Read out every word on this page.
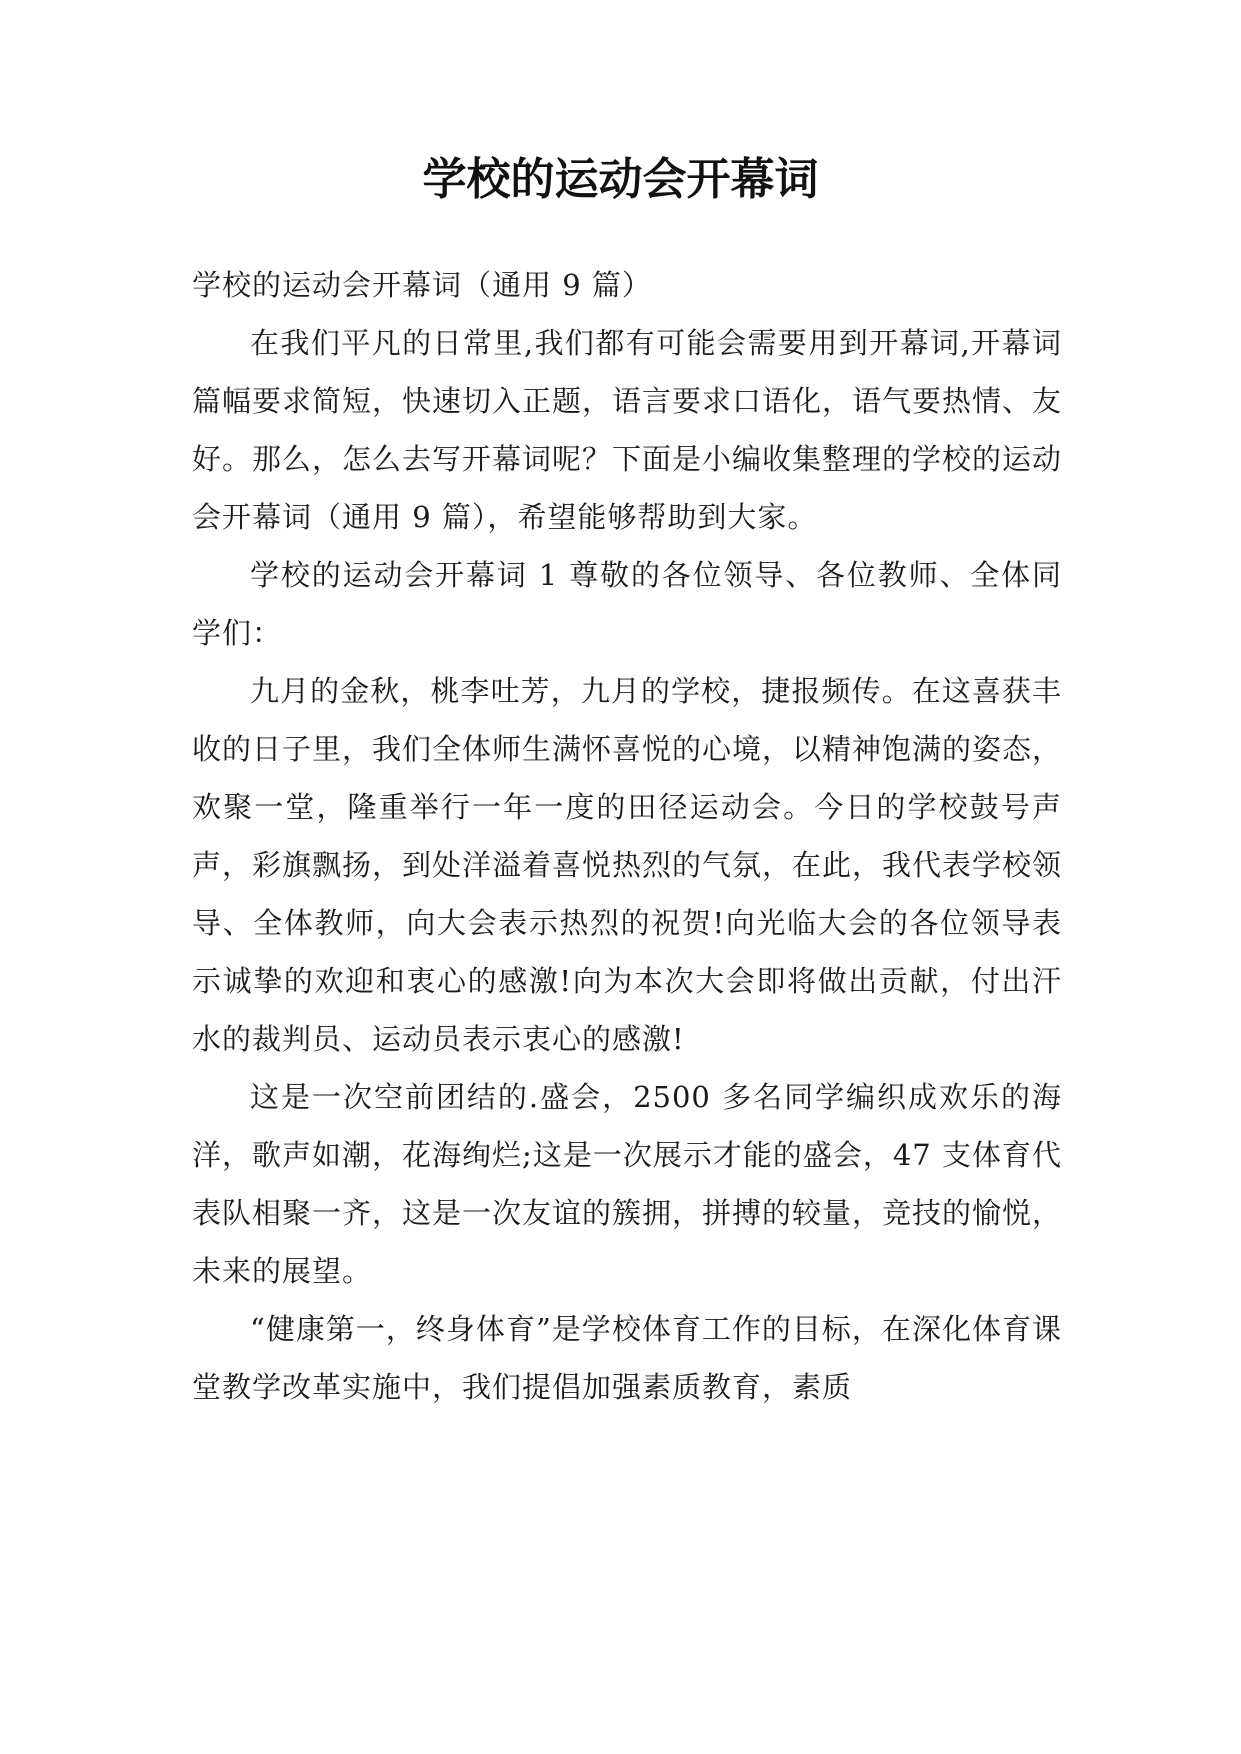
学校的运动会开幕词

学校的运动会开幕词（通用 9 篇）

在我们平凡的日常里,我们都有可能会需要用到开幕词,开幕词篇幅要求简短，快速切入正题，语言要求口语化，语气要热情、友好。那么，怎么去写开幕词呢？下面是小编收集整理的学校的运动会开幕词（通用 9 篇），希望能够帮助到大家。

学校的运动会开幕词 1 尊敬的各位领导、各位教师、全体同学们：

九月的金秋，桃李吐芳，九月的学校，捷报频传。在这喜获丰收的日子里，我们全体师生满怀喜悦的心境，以精神饱满的姿态，欢聚一堂，隆重举行一年一度的田径运动会。今日的学校鼓号声声，彩旗飘扬，到处洋溢着喜悦热烈的气氛，在此，我代表学校领导、全体教师，向大会表示热烈的祝贺!向光临大会的各位领导表示诚挚的欢迎和衷心的感激!向为本次大会即将做出贡献，付出汗水的裁判员、运动员表示衷心的感激!

这是一次空前团结的.盛会，2500 多名同学编织成欢乐的海洋，歌声如潮，花海绚烂;这是一次展示才能的盛会，47 支体育代表队相聚一齐，这是一次友谊的簇拥，拼搏的较量，竞技的愉悦，未来的展望。

“健康第一，终身体育”是学校体育工作的目标，在深化体育课堂教学改革实施中，我们提倡加强素质教育，素质
